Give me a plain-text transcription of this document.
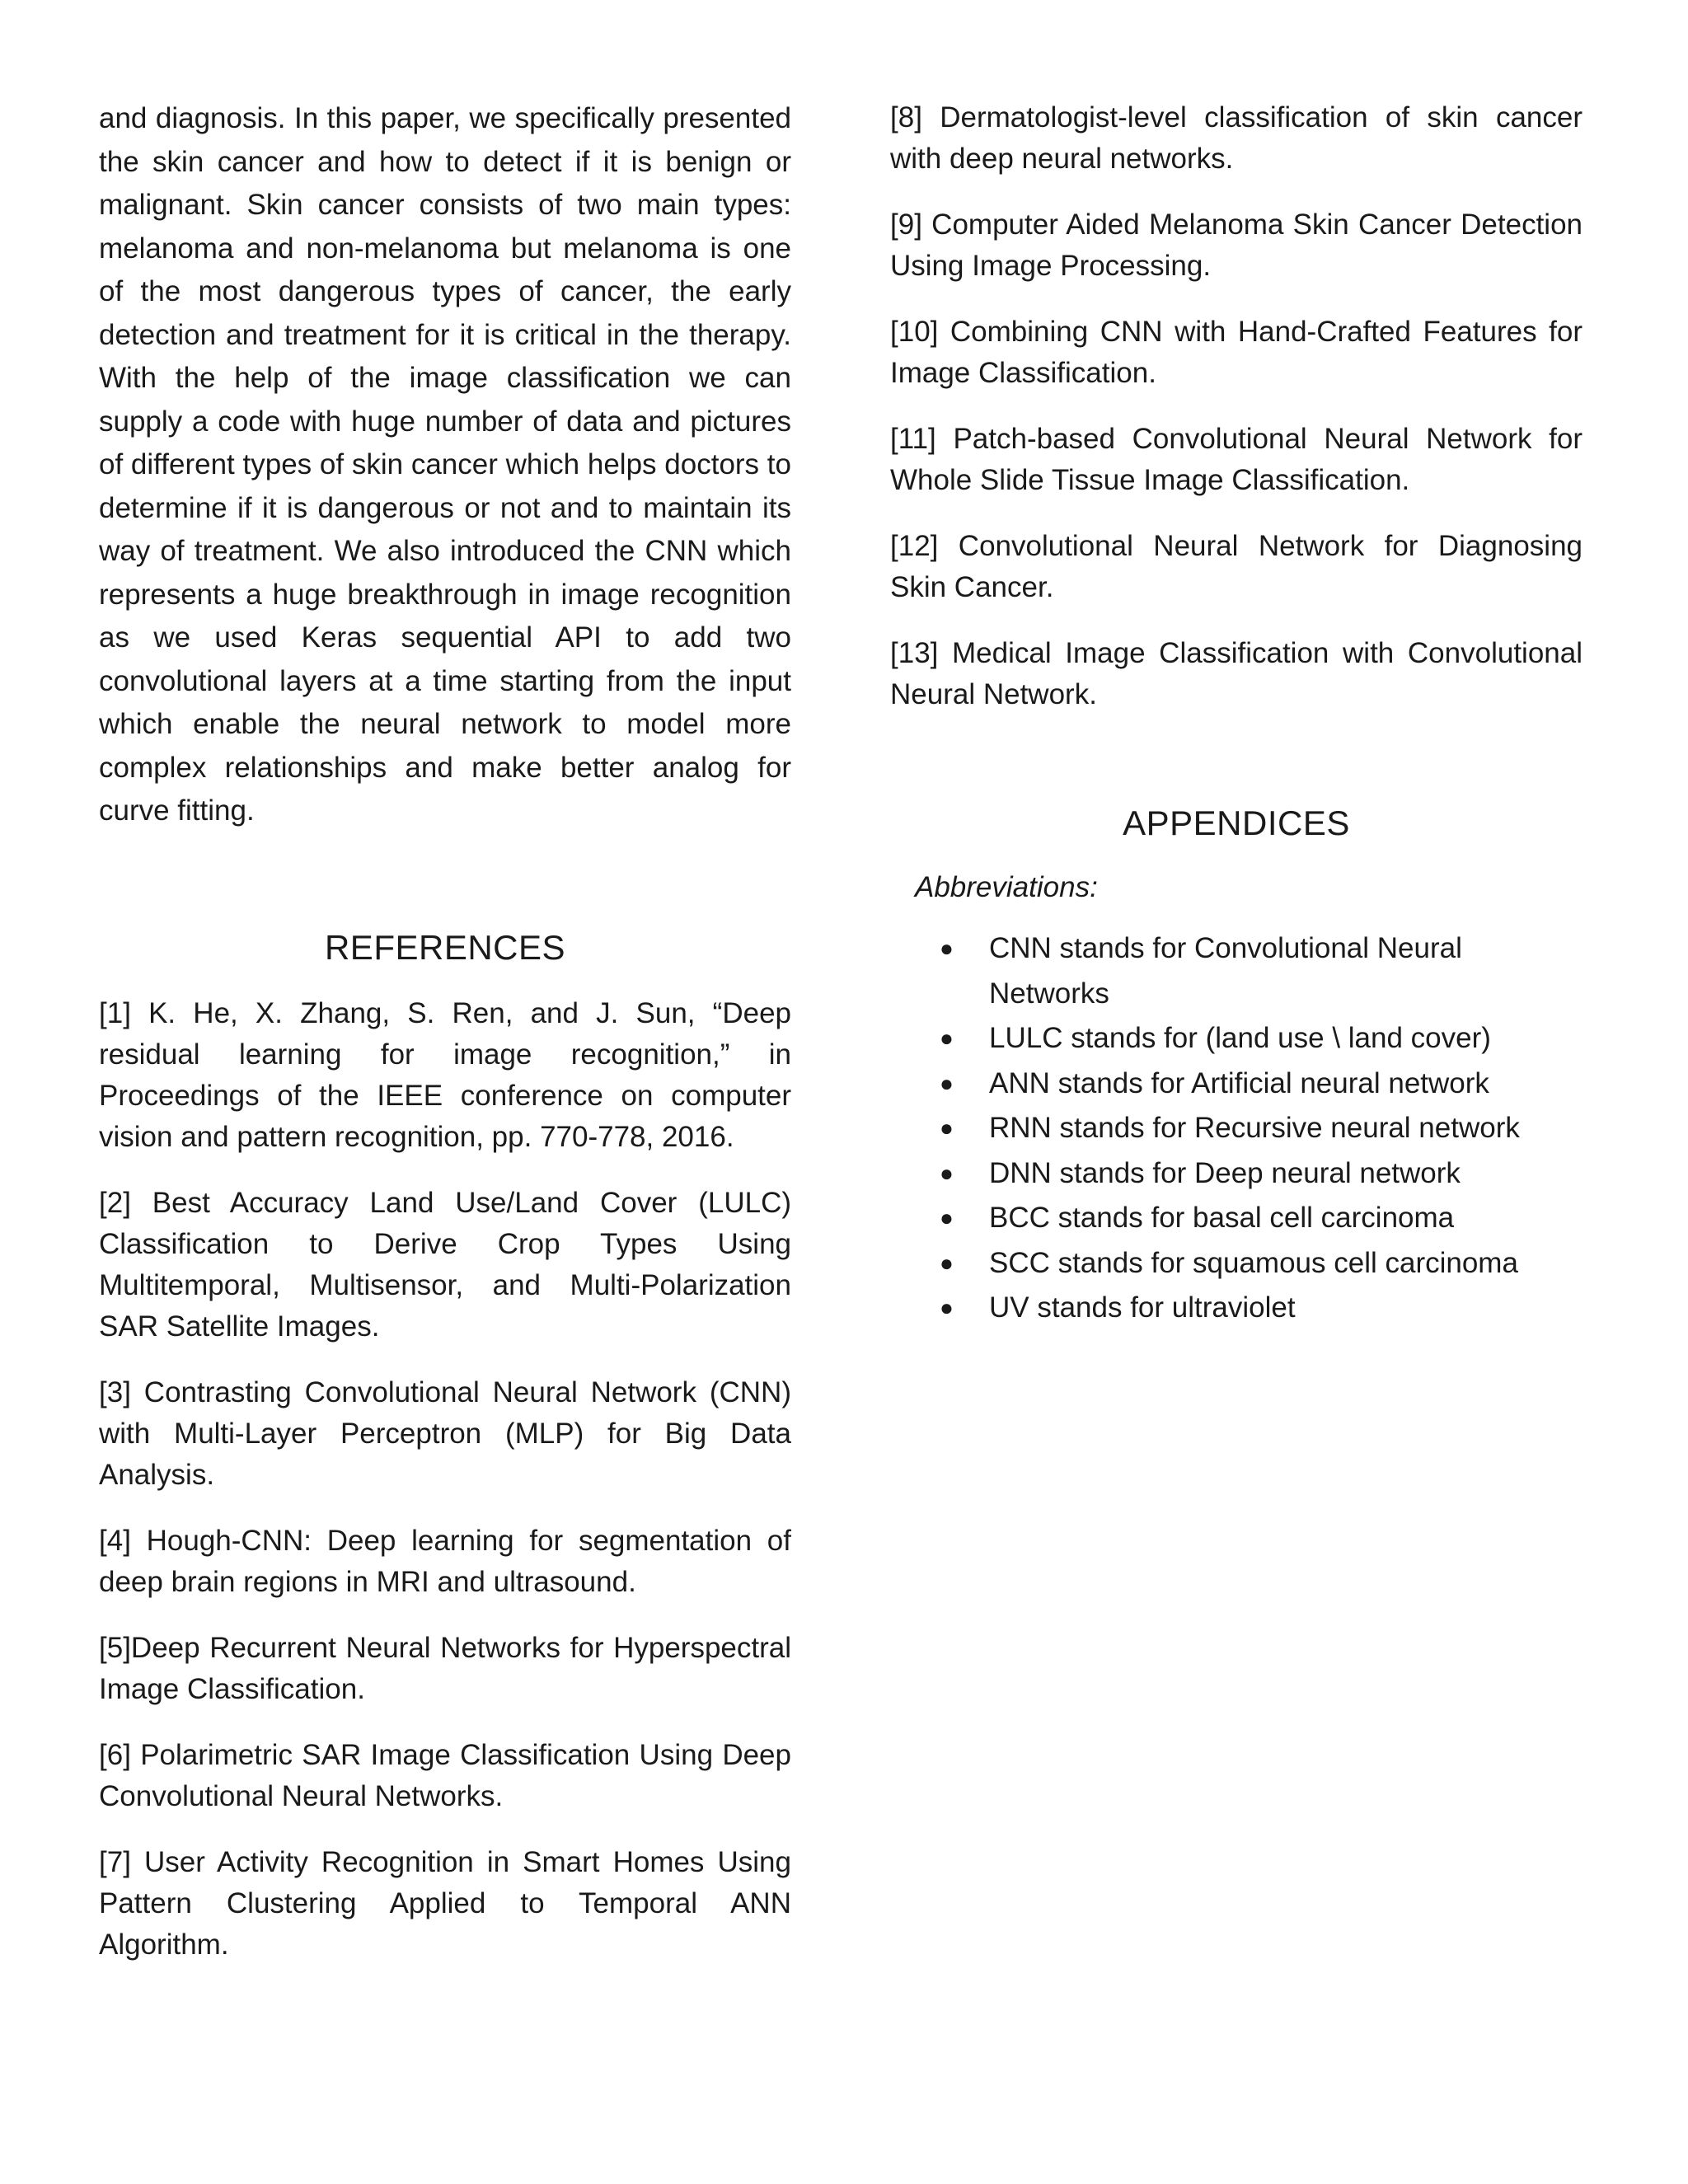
and diagnosis. In this paper, we specifically presented the skin cancer and how to detect if it is benign or malignant. Skin cancer consists of two main types: melanoma and non-melanoma but melanoma is one of the most dangerous types of cancer, the early detection and treatment for it is critical in the therapy. With the help of the image classification we can supply a code with huge number of data and pictures of different types of skin cancer which helps doctors to determine if it is dangerous or not and to maintain its way of treatment. We also introduced the CNN which represents a huge breakthrough in image recognition as we used Keras sequential API to add two convolutional layers at a time starting from the input which enable the neural network to model more complex relationships and make better analog for curve fitting.

REFERENCES
[1] K. He, X. Zhang, S. Ren, and J. Sun, “Deep residual learning for image recognition,” in Proceedings of the IEEE conference on computer vision and pattern recognition, pp. 770-778, 2016.
[2] Best Accuracy Land Use/Land Cover (LULC) Classification to Derive Crop Types Using Multitemporal, Multisensor, and Multi-Polarization SAR Satellite Images.
[3] Contrasting Convolutional Neural Network (CNN) with Multi-Layer Perceptron (MLP) for Big Data Analysis.
[4] Hough-CNN: Deep learning for segmentation of deep brain regions in MRI and ultrasound.
[5]Deep Recurrent Neural Networks for Hyperspectral Image Classification.
[6] Polarimetric SAR Image Classification Using Deep Convolutional Neural Networks.
[7] User Activity Recognition in Smart Homes Using Pattern Clustering Applied to Temporal ANN Algorithm.
[8] Dermatologist-level classification of skin cancer with deep neural networks.
[9] Computer Aided Melanoma Skin Cancer Detection Using Image Processing.
[10] Combining CNN with Hand-Crafted Features for Image Classification.
[11] Patch-based Convolutional Neural Network for Whole Slide Tissue Image Classification.
[12] Convolutional Neural Network for Diagnosing Skin Cancer.
[13] Medical Image Classification with Convolutional Neural Network.
APPENDICES

Abbreviations:

● CNN stands for Convolutional Neural Networks
● LULC stands for (land use \ land cover)
● ANN stands for Artificial neural network
● RNN stands for Recursive neural network
● DNN stands for Deep neural network
● BCC stands for basal cell carcinoma
● SCC stands for squamous cell carcinoma
● UV stands for ultraviolet
